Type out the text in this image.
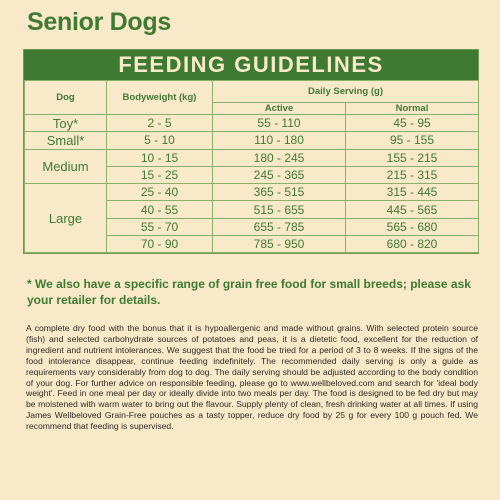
Senior Dogs
FEEDING GUIDELINES
Dog	Bodyweight (kg)	Daily Serving (g)	
		Active	Normal
Toy*	2 - 5	55 - 110	45 - 95
Small*	5 - 10	110 - 180	95 - 155
Medium	10 - 15	180 - 245	155 - 215
	15 - 25	245 - 365	215 - 315
Large	25 - 40	365 - 515	315 - 445
	40 - 55	515 - 655	445 - 565
	55 - 70	655 - 785	565 - 680
	70 - 90	785 - 950	680 - 820
* We also have a specific range of grain free food for small breeds; please ask your retailer for details.
A complete dry food with the bonus that it is hypoallergenic and made without grains. With selected protein source (fish) and selected carbohydrate sources of potatoes and peas, it is a dietetic food, excellent for the reduction of ingredient and nutrient intolerances. We suggest that the food be tried for a period of 3 to 8 weeks. If the signs of the food intolerance disappear, continue feeding indefinitely. The recommended daily serving is only a guide as requirements vary considerably from dog to dog. The daily serving should be adjusted according to the body condition of your dog. For further advice on responsible feeding, please go to www.wellbeloved.com and search for 'ideal body weight'. Feed in one meal per day or ideally divide into two meals per day. The food is designed to be fed dry but may be moistened with warm water to bring out the flavour. Supply plenty of clean, fresh drinking water at all times. If using James Wellbeloved Grain-Free pouches as a tasty topper, reduce dry food by 25 g for every 100 g pouch fed. We recommend that feeding is supervised.
